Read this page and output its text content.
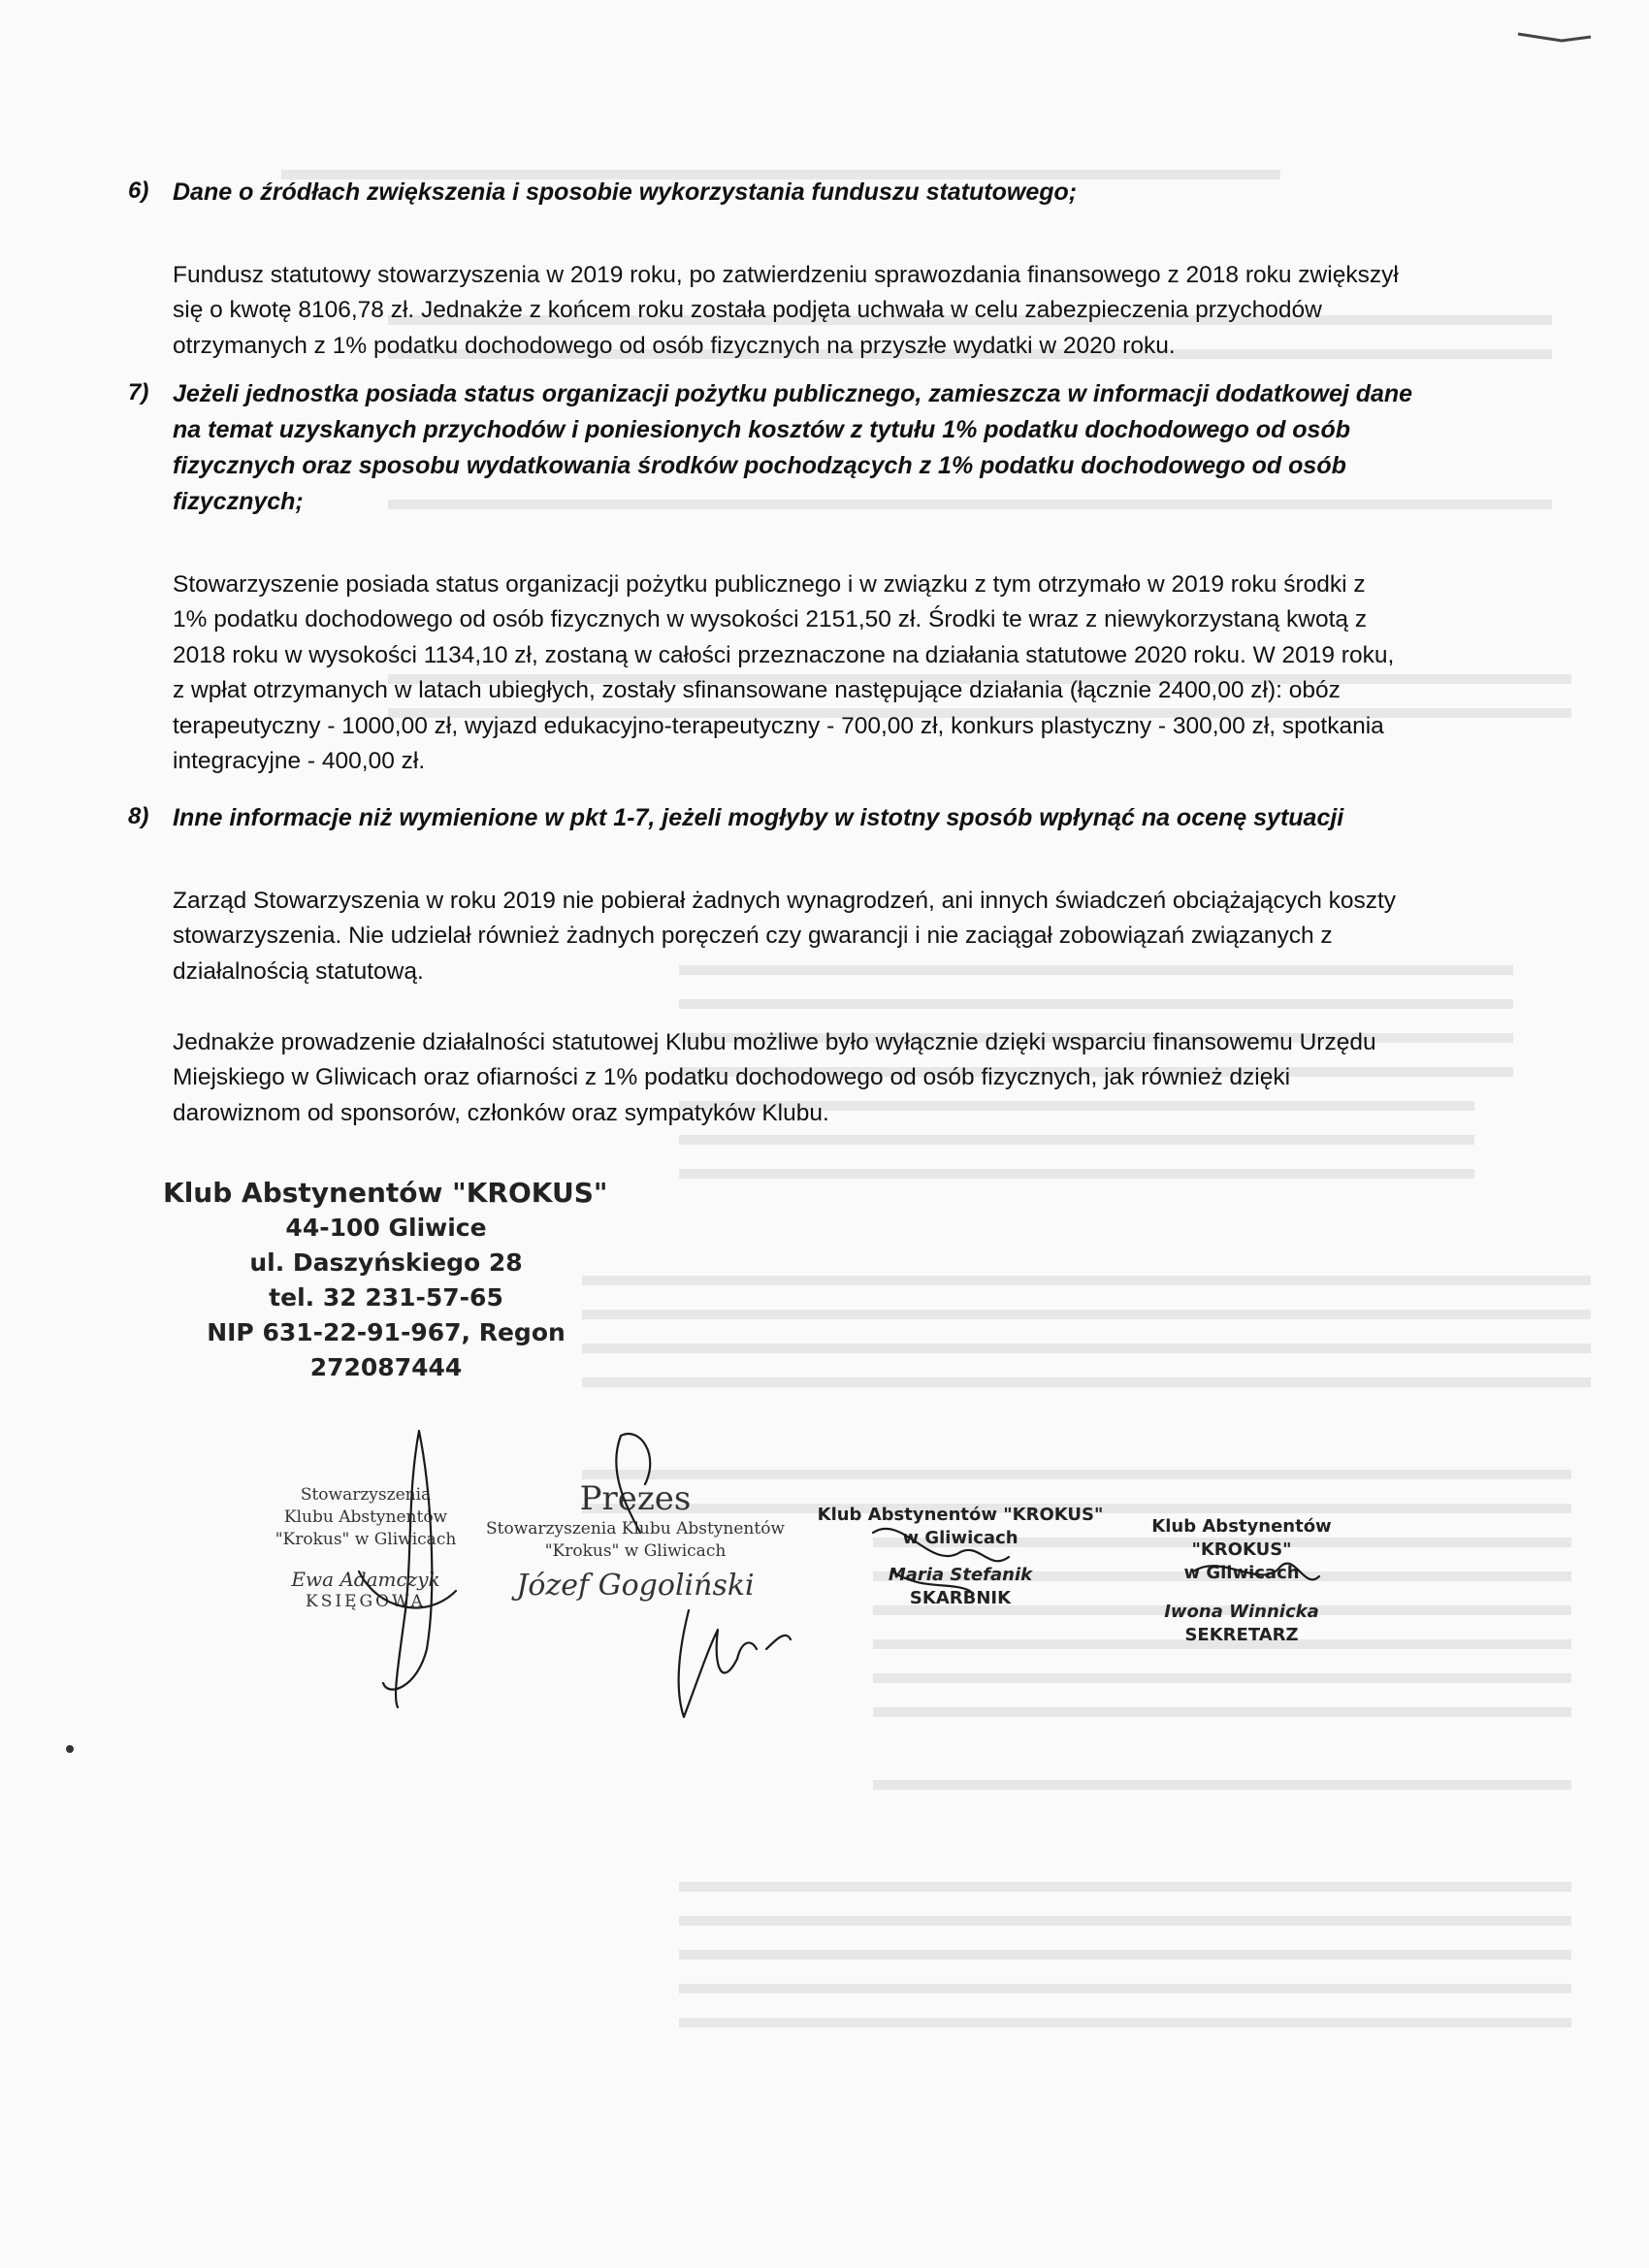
6) Dane o źródłach zwiększenia i sposobie wykorzystania funduszu statutowego;

Fundusz statutowy stowarzyszenia w 2019 roku, po zatwierdzeniu sprawozdania finansowego z 2018 roku zwiększył
się o kwotę 8106,78 zł. Jednakże z końcem roku została podjęta uchwała w celu zabezpieczenia przychodów
otrzymanych z 1% podatku dochodowego od osób fizycznych na przyszłe wydatki w 2020 roku.

7) Jeżeli jednostka posiada status organizacji pożytku publicznego, zamieszcza w informacji dodatkowej dane
na temat uzyskanych przychodów i poniesionych kosztów z tytułu 1% podatku dochodowego od osób
fizycznych oraz sposobu wydatkowania środków pochodzących z 1% podatku dochodowego od osób
fizycznych;

Stowarzyszenie posiada status organizacji pożytku publicznego i w związku z tym otrzymało w 2019 roku środki z
1% podatku dochodowego od osób fizycznych w wysokości 2151,50 zł. Środki te wraz z niewykorzystaną kwotą z
2018 roku w wysokości 1134,10 zł, zostaną w całości przeznaczone na działania statutowe 2020 roku. W 2019 roku,
z wpłat otrzymanych w latach ubiegłych, zostały sfinansowane następujące działania (łącznie 2400,00 zł): obóz
terapeutyczny - 1000,00 zł, wyjazd edukacyjno-terapeutyczny - 700,00 zł, konkurs plastyczny - 300,00 zł, spotkania
integracyjne - 400,00 zł.

8) Inne informacje niż wymienione w pkt 1-7, jeżeli mogłyby w istotny sposób wpłynąć na ocenę sytuacji

Zarząd Stowarzyszenia w roku 2019 nie pobierał żadnych wynagrodzeń, ani innych świadczeń obciążających koszty
stowarzyszenia. Nie udzielał również żadnych poręczeń czy gwarancji i nie zaciągał zobowiązań związanych z
działalnością statutową.

Jednakże prowadzenie działalności statutowej Klubu możliwe było wyłącznie dzięki wsparciu finansowemu Urzędu
Miejskiego w Gliwicach oraz ofiarności z 1% podatku dochodowego od osób fizycznych, jak również dzięki
darowiznom od sponsorów, członków oraz sympatyków Klubu.

Klub Abstynentów "KROKUS"
44-100 Gliwice
ul. Daszyńskiego 28
tel. 32 231-57-65
NIP 631-22-91-967, Regon 272087444
Stowarzyszenia
Klubu Abstynentów
"Krokus" w Gliwicach
Ewa Adamczyk
KSIĘGOWA
Prezes
Stowarzyszenia Klubu Abstynentów
"Krokus" w Gliwicach
Józef Gogoliński
Klub Abstynentów "KROKUS"
w Gliwicach
Maria Stefanik
SKARBNIK
Klub Abstynentów "KROKUS"
w Gliwicach
Iwona Winnicka
SEKRETARZ
